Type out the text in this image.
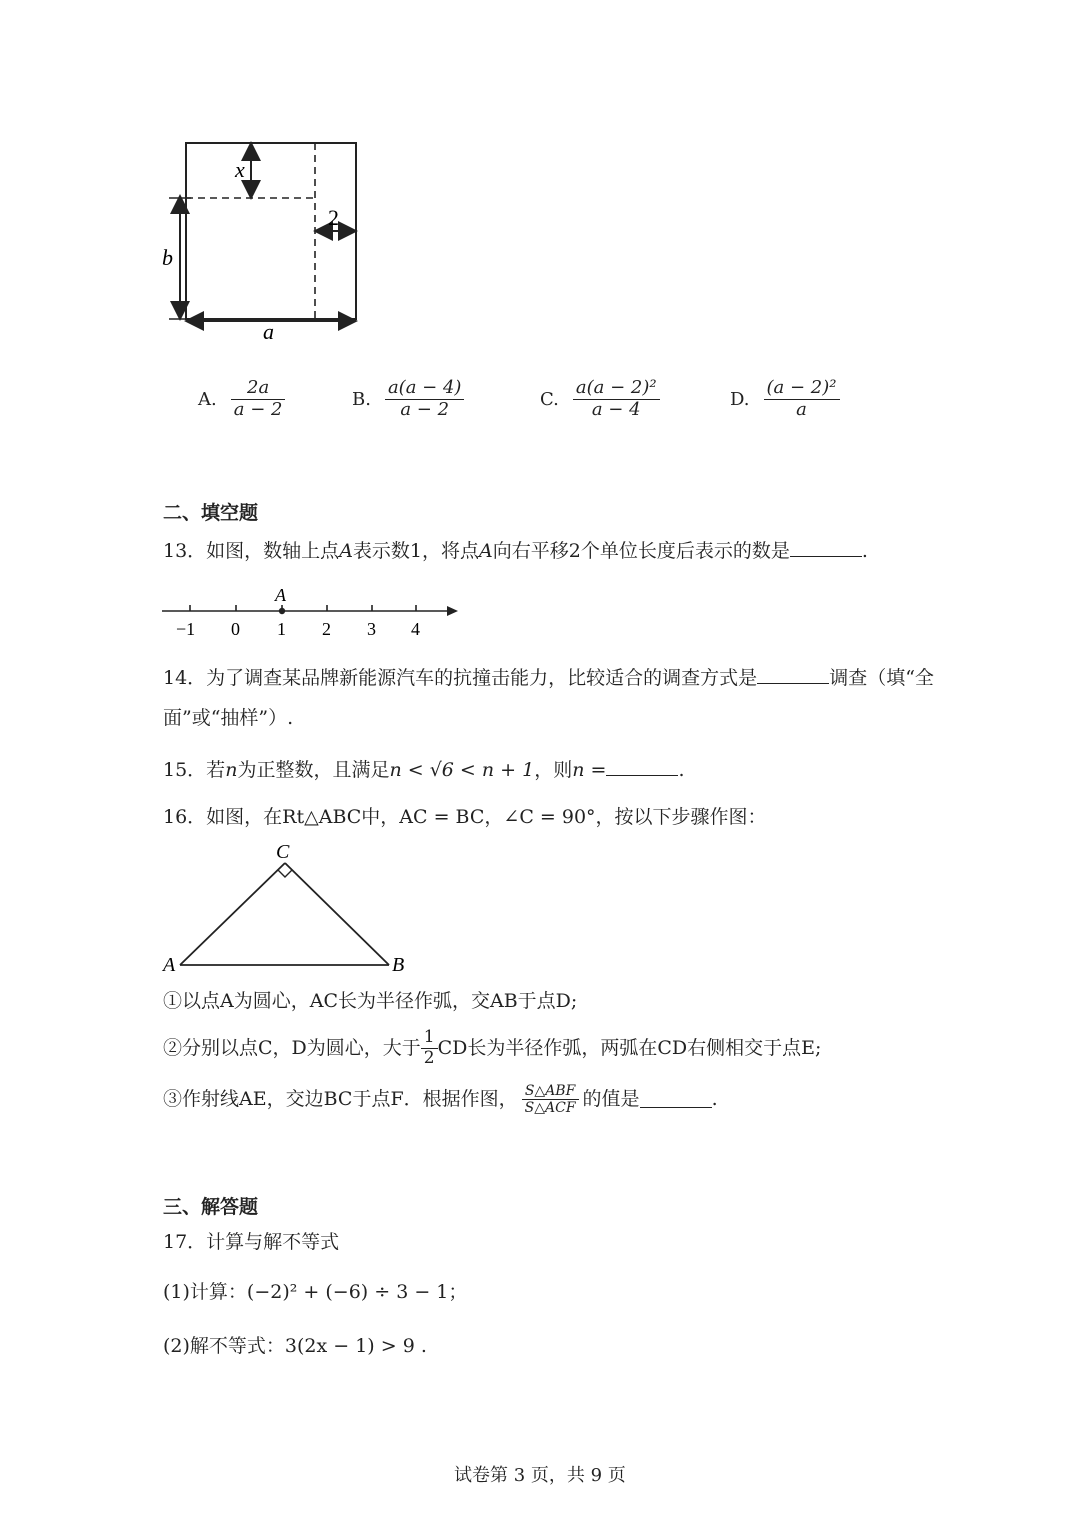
x
b
a
2
A. $\frac{2a}{a - 2}$	B. $\frac{a(a - 4)}{a - 2}$	C. $\frac{\text{a(a − 2)²}}{a - 4}$	D. $\frac{\text{(a − 2)²}}{a}$
二、填空题
13．如图，数轴上点A表示数1，将点A向右平移2个单位长度后表示的数是	.
A
−1 0 1 2 3 4
14．为了调查某品牌新能源汽车的抗撞击能力，比较适合的调查方式是	调查（填“全
面”或“抽样”）.
15．若n为正整数，且满足n < √6 < n + 1，则n =	.
16．如图，在Rt△ABC中，AC = BC，∠C = 90°，按以下步骤作图：
A	B
C
①以点A为圆心，AC长为半径作弧，交AB于点D;
②分别以点C，D为圆心，大于 $\frac{1}{2}$ CD长为半径作弧，两弧在CD右侧相交于点E;
③作射线AE，交边BC于点F．根据作图， $\frac{\text{S△ABF}}{\text{S△ACF}}$ 的值是	.
三、解答题
17．计算与解不等式
(1)计算：(−2)² + (−6) ÷ 3 − 1；
(2)解不等式：3(2x − 1) > 9 .
试卷第 3 页，共 9 页
